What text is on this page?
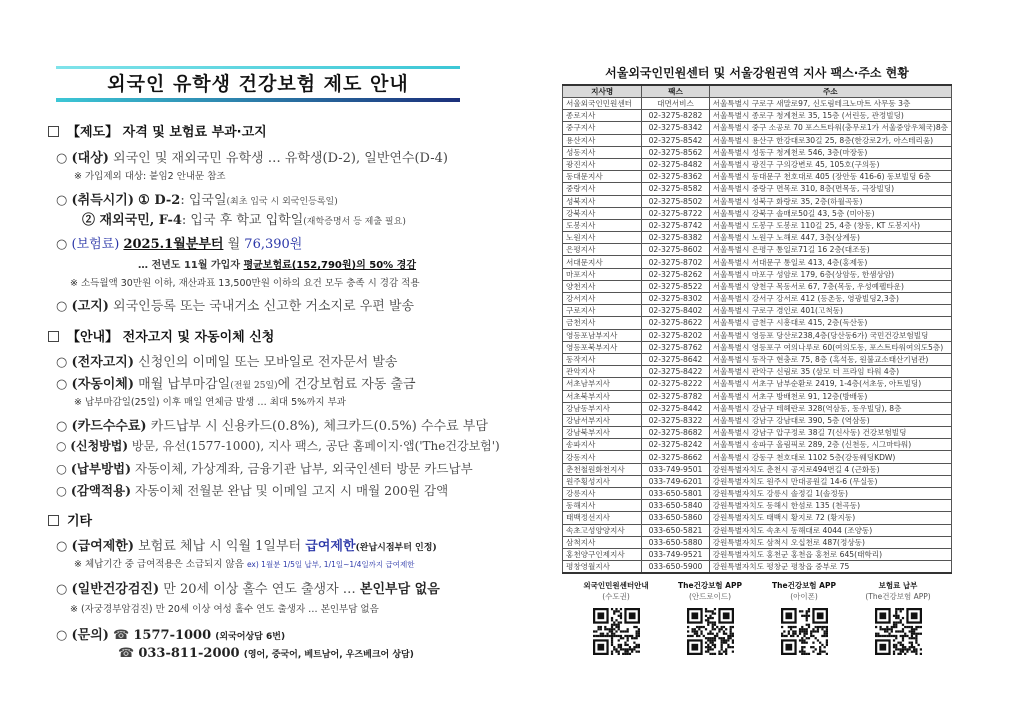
외국인 유학생 건강보험 제도 안내
【제도】 자격 및 보험료 부과·고지
○ (대상) 외국인 및 재외국민 유학생 … 유학생(D-2), 일반연수(D-4)
※ 가입제외 대상: 붙임2 안내문 참조
○ (취득시기) ① D-2: 입국일(최초 입국 시 외국인등록일)
② 재외국민, F-4: 입국 후 학교 입학일(재학증명서 등 제출 필요)
○ (보험료) 2025.1월분부터 월 76,390원
… 전년도 11월 가입자 평균보험료(152,790원)의 50% 경감
※ 소득월액 30만원 이하, 재산과표 13,500만원 이하의 요건 모두 충족 시 경감 적용
○ (고지) 외국인등록 또는 국내거소 신고한 거소지로 우편 발송
【안내】 전자고지 및 자동이체 신청
○ (전자고지) 신청인의 이메일 또는 모바일로 전자문서 발송
○ (자동이체) 매월 납부마감일(전월 25일)에 건강보험료 자동 출금
※ 납부마감일(25일) 이후 매일 연체금 발생 … 최대 5%까지 부과
○ (카드수수료) 카드납부 시 신용카드(0.8%), 체크카드(0.5%) 수수료 부담
○ (신청방법) 방문, 유선(1577-1000), 지사 팩스, 공단 홈페이지·앱('The건강보험')
○ (납부방법) 자동이체, 가상계좌, 금융기관 납부, 외국인센터 방문 카드납부
○ (감액적용) 자동이체 전월분 완납 및 이메일 고지 시 매월 200원 감액
기타
○ (급여제한) 보험료 체납 시 익월 1일부터 급여제한(완납시점부터 인정)
※ 체납기간 중 급여적용은 소급되지 않음 ex) 1월분 1/5일 납부, 1/1일~1/4일까지 급여제한
○ (일반건강검진) 만 20세 이상 홀수 연도 출생자 … 본인부담 없음
※ (자궁경부암검진) 만 20세 이상 여성 홀수 연도 출생자 … 본인부담 없음
○ (문의) ☎ 1577-1000 (외국어상담 6번)
☎ 033-811-2000 (영어, 중국어, 베트남어, 우즈베크어 상담)
서울외국인민원센터 및 서울강원권역 지사 팩스·주소 현황
지사명	팩스	주소
서울외국인민원센터	대면서비스	서울특별시 구로구 새말로97, 신도림테크노마트 사무동 3층
종로지사	02-3275-8282	서울특별시 종로구 청계천로 35, 15층 (서린동, 관정빌딩)
중구지사	02-3275-8342	서울특별시 중구 소공로 70 포스트타워(충무로1가 서울중앙우체국)8층
용산지사	02-3275-8542	서울특별시 용산구 한강대로30길 25, 8층(한강로2가, 아스테리움)
성동지사	02-3275-8562	서울특별시 성동구 청계천로 546, 3층(마장동)
광진지사	02-3275-8482	서울특별시 광진구 구의강변로 45, 105호(구의동)
동대문지사	02-3275-8362	서울특별시 동대문구 천호대로 405 (장안동 416-6) 동보빌딩 6층
중랑지사	02-3275-8582	서울특별시 중랑구 면목로 310, 8층(면목동, 극장빌딩)
성북지사	02-3275-8502	서울특별시 성북구 화랑로 35, 2층(하월곡동)
강북지사	02-3275-8722	서울특별시 강북구 솔매로50길 43, 5층 (미아동)
도봉지사	02-3275-8742	서울특별시 도봉구 도봉로 110길 25, 4층 (창동, KT 도봉지사)
노원지사	02-3275-8382	서울특별시 노원구 노해로 447, 3층(상계동)
은평지사	02-3275-8602	서울특별시 은평구 통일로71길 16 2층(대조동)
서대문지사	02-3275-8702	서울특별시 서대문구 통일로 413, 4층(홍제동)
마포지사	02-3275-8262	서울특별시 마포구 성암로 179, 6층(상암동, 한샘상암)
양천지사	02-3275-8522	서울특별시 양천구 목동서로 67, 7층(목동, 우성예펠타운)
강서지사	02-3275-8302	서울특별시 강서구 강서로 412 (등촌동, 영광빌딩2,3층)
구로지사	02-3275-8402	서울특별시 구로구 경인로 401(고척동)
금천지사	02-3275-8622	서울특별시 금천구 시흥대로 415, 2층(독산동)
영등포남부지사	02-3275-8202	서울특별시 영등포 당산로238,4층(당산동6가) 국민건강보험빌딩
영등포북부지사	02-3275-8762	서울특별시 영등포구 여의나루로 60(여의도동, 포스트타워여의도5층)
동작지사	02-3275-8642	서울특별시 동작구 현충로 75, 8층 (흑석동, 원불교소태산기념관)
관악지사	02-3275-8422	서울특별시 관악구 신림로 35 (삼모 더 프라임 타워 4층)
서초남부지사	02-3275-8222	서울특별시 서초구 남부순환로 2419, 1-4층(서초동, 아트빌딩)
서초북부지사	02-3275-8782	서울특별시 서초구 방배천로 91, 12층(방배동)
강남동부지사	02-3275-8442	서울특별시 강남구 테헤란로 328(역삼동, 동우빌딩), 8층
강남서부지사	02-3275-8322	서울특별시 강남구 강남대로 390, 5층 (역삼동)
강남북부지사	02-3275-8682	서울특별시 강남구 압구정로 38길 7(신사동) 건강보험빌딩
송파지사	02-3275-8242	서울특별시 송파구 올림픽로 289, 2층 (신천동, 시그마타워)
강동지사	02-3275-8662	서울특별시 강동구 천호대로 1102 5층(강동웨딩KDW)
춘천철원화천지사	033-749-9501	강원특별자치도 춘천시 공지로494번길 4 (근화동)
원주횡성지사	033-749-6201	강원특별자치도 원주시 만대공원길 14-6 (무실동)
강릉지사	033-650-5801	강원특별자치도 강릉시 솔정길 1(솔정동)
동해지사	033-650-5840	강원특별자치도 동해시 한섬로 135 (천곡동)
태백정선지사	033-650-5860	강원특별자치도 태백시 황지로 72 (황지동)
속초고성양양지사	033-650-5821	강원특별자치도 속초시 동해대로 4044 (조양동)
삼척지사	033-650-5880	강원특별자치도 삼척시 오십천로 487(정상동)
홍천양구인제지사	033-749-9521	강원특별자치도 홍천군 홍천읍 홍천로 645(태학리)
평창영월지사	033-650-5900	강원특별자치도 평창군 평창읍 중부로 75
외국인민원센터안내
(수도권)
The건강보험 APP
(안드로이드)
The건강보험 APP
(아이폰)
보험료 납부
(The건강보험 APP)
